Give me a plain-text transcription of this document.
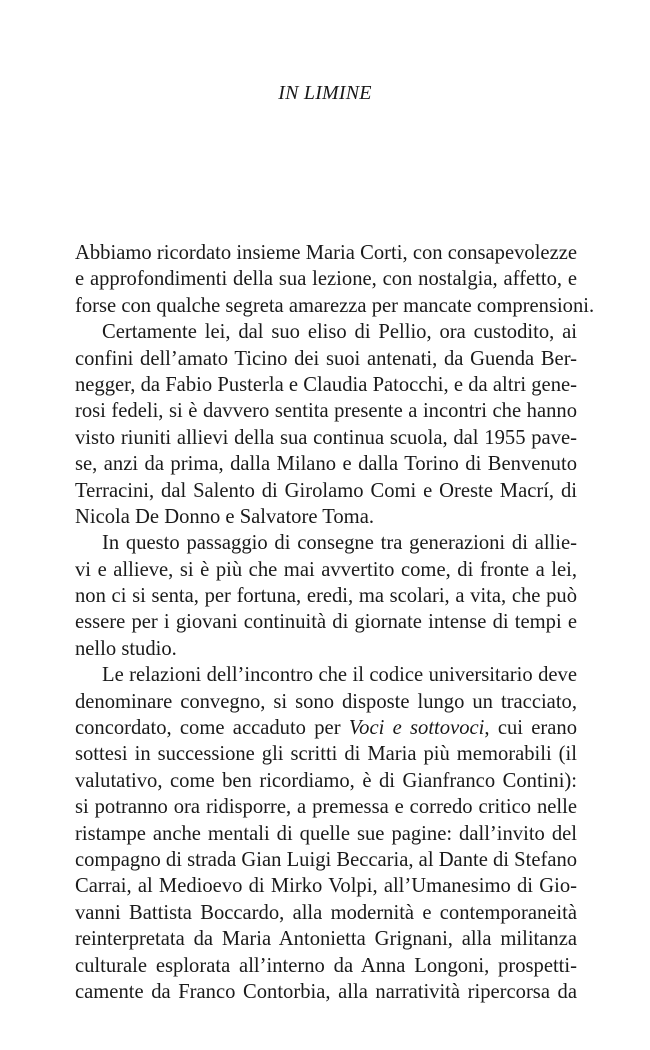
IN LIMINE
Abbiamo ricordato insieme Maria Corti, con consapevolezze
e approfondimenti della sua lezione, con nostalgia, affetto, e
forse con qualche segreta amarezza per mancate comprensioni.
Certamente lei, dal suo eliso di Pellio, ora custodito, ai
confini dell’amato Ticino dei suoi antenati, da Guenda Ber-
negger, da Fabio Pusterla e Claudia Patocchi, e da altri gene-
rosi fedeli, si è davvero sentita presente a incontri che hanno
visto riuniti allievi della sua continua scuola, dal 1955 pave-
se, anzi da prima, dalla Milano e dalla Torino di Benvenuto
Terracini, dal Salento di Girolamo Comi e Oreste Macrí, di
Nicola De Donno e Salvatore Toma.
In questo passaggio di consegne tra generazioni di allie-
vi e allieve, si è più che mai avvertito come, di fronte a lei,
non ci si senta, per fortuna, eredi, ma scolari, a vita, che può
essere per i giovani continuità di giornate intense di tempi e
nello studio.
Le relazioni dell’incontro che il codice universitario deve
denominare convegno, si sono disposte lungo un tracciato,
concordato, come accaduto per Voci e sottovoci, cui erano
sottesi in successione gli scritti di Maria più memorabili (il
valutativo, come ben ricordiamo, è di Gianfranco Contini):
si potranno ora ridisporre, a premessa e corredo critico nelle
ristampe anche mentali di quelle sue pagine: dall’invito del
compagno di strada Gian Luigi Beccaria, al Dante di Stefano
Carrai, al Medioevo di Mirko Volpi, all’Umanesimo di Gio-
vanni Battista Boccardo, alla modernità e contemporaneità
reinterpretata da Maria Antonietta Grignani, alla militanza
culturale esplorata all’interno da Anna Longoni, prospetti-
camente da Franco Contorbia, alla narratività ripercorsa da
